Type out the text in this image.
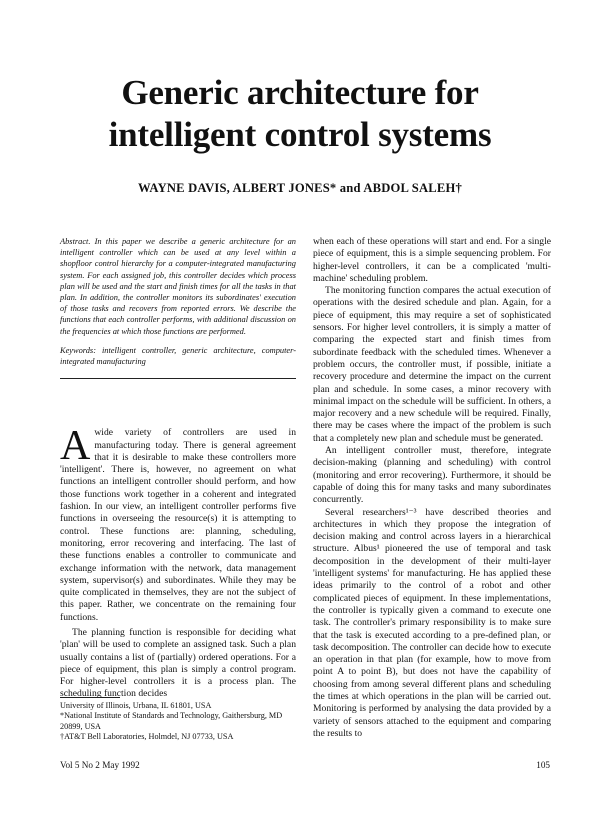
Generic architecture for
intelligent control systems
WAYNE DAVIS, ALBERT JONES* and ABDOL SALEH†

Abstract. In this paper we describe a generic architecture for an intelligent controller which can be used at any level within a shopfloor control hierarchy for a computer-integrated manufacturing system. For each assigned job, this controller decides which process plan will be used and the start and finish times for all the tasks in that plan. In addition, the controller monitors its subordinates' execution of those tasks and recovers from reported errors. We describe the functions that each controller performs, with additional discussion on the frequencies at which those functions are performed.

Keywords: intelligent controller, generic architecture, computer-integrated manufacturing

Awide variety of controllers are used in manufacturing today. There is general agreement that it is desirable to make these controllers more 'intelligent'. There is, however, no agreement on what functions an intelligent controller should perform, and how those functions work together in a coherent and integrated fashion. In our view, an intelligent controller performs five functions in overseeing the resource(s) it is attempting to control. These functions are: planning, scheduling, monitoring, error recovering and interfacing. The last of these functions enables a controller to communicate and exchange information with the network, data management system, supervisor(s) and subordinates. While they may be quite complicated in themselves, they are not the subject of this paper. Rather, we concentrate on the remaining four functions.

The planning function is responsible for deciding what 'plan' will be used to complete an assigned task. Such a plan usually contains a list of (partially) ordered operations. For a piece of equipment, this plan is simply a control program. For higher-level controllers it is a process plan. The scheduling function decides

when each of these operations will start and end. For a single piece of equipment, this is a simple sequencing problem. For higher-level controllers, it can be a complicated 'multi-machine' scheduling problem.

The monitoring function compares the actual execution of operations with the desired schedule and plan. Again, for a piece of equipment, this may require a set of sophisticated sensors. For higher level controllers, it is simply a matter of comparing the expected start and finish times from subordinate feedback with the scheduled times. Whenever a problem occurs, the controller must, if possible, initiate a recovery procedure and determine the impact on the current plan and schedule. In some cases, a minor recovery with minimal impact on the schedule will be sufficient. In others, a major recovery and a new schedule will be required. Finally, there may be cases where the impact of the problem is such that a completely new plan and schedule must be generated.

An intelligent controller must, therefore, integrate decision-making (planning and scheduling) with control (monitoring and error recovering). Furthermore, it should be capable of doing this for many tasks and many subordinates concurrently.

Several researchers¹⁻³ have described theories and architectures in which they propose the integration of decision making and control across layers in a hierarchical structure. Albus¹ pioneered the use of temporal and task decomposition in the development of their multi-layer 'intelligent systems' for manufacturing. He has applied these ideas primarily to the control of a robot and other complicated pieces of equipment. In these implementations, the controller is typically given a command to execute one task. The controller's primary responsibility is to make sure that the task is executed according to a pre-defined plan, or task decomposition. The controller can decide how to execute an operation in that plan (for example, how to move from point A to point B), but does not have the capability of choosing from among several different plans and scheduling the times at which operations in the plan will be carried out. Monitoring is performed by analysing the data provided by a variety of sensors attached to the equipment and comparing the results to

University of Illinois, Urbana, IL 61801, USA
*National Institute of Standards and Technology, Gaithersburg, MD 20899, USA
†AT&T Bell Laboratories, Holmdel, NJ 07733, USA
Vol 5 No 2 May 1992	105
